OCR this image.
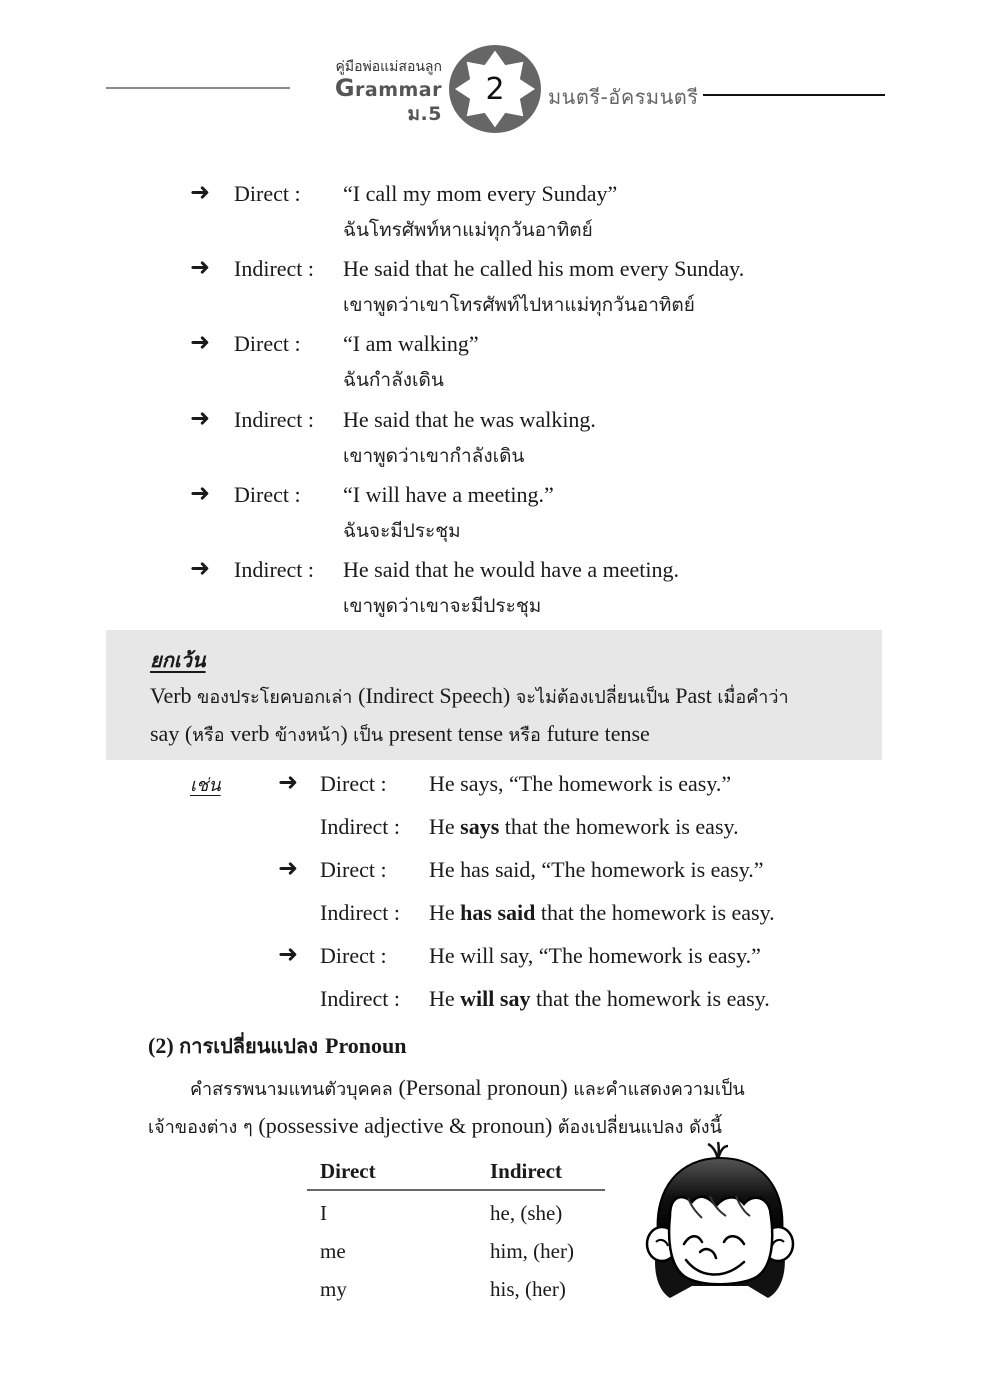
คู่มือพ่อแม่สอนลูก
Grammar ม.5
2	มนตรี-อัครมนตรี
➜	Direct : “I call my mom every Sunday”
ฉันโทรศัพท์หาแม่ทุกวันอาทิตย์
➜	Indirect : He said that he called his mom every Sunday.
เขาพูดว่าเขาโทรศัพท์ไปหาแม่ทุกวันอาทิตย์
➜	Direct : “I am walking”
ฉันกำลังเดิน
➜	Indirect : He said that he was walking.
เขาพูดว่าเขากำลังเดิน
➜	Direct : “I will have a meeting.”
ฉันจะมีประชุม
➜	Indirect : He said that he would have a meeting.
เขาพูดว่าเขาจะมีประชุม
ยกเว้น
Verb ของประโยคบอกเล่า (Indirect Speech) จะไม่ต้องเปลี่ยนเป็น Past เมื่อคำว่า
say (หรือ verb ข้างหน้า) เป็น present tense หรือ future tense
เช่น ➜ Direct : He says, “The homework is easy.”
Indirect : He says that the homework is easy.
➜ Direct : He has said, “The homework is easy.”
Indirect : He has said that the homework is easy.
➜ Direct : He will say, “The homework is easy.”
Indirect : He will say that the homework is easy.
(2) การเปลี่ยนแปลง Pronoun
คำสรรพนามแทนตัวบุคคล (Personal pronoun) และคำแสดงความเป็น
เจ้าของต่าง ๆ (possessive adjective & pronoun) ต้องเปลี่ยนแปลง ดังนี้
Direct	Indirect
I	he, (she)
me	him, (her)
my	his, (her)
